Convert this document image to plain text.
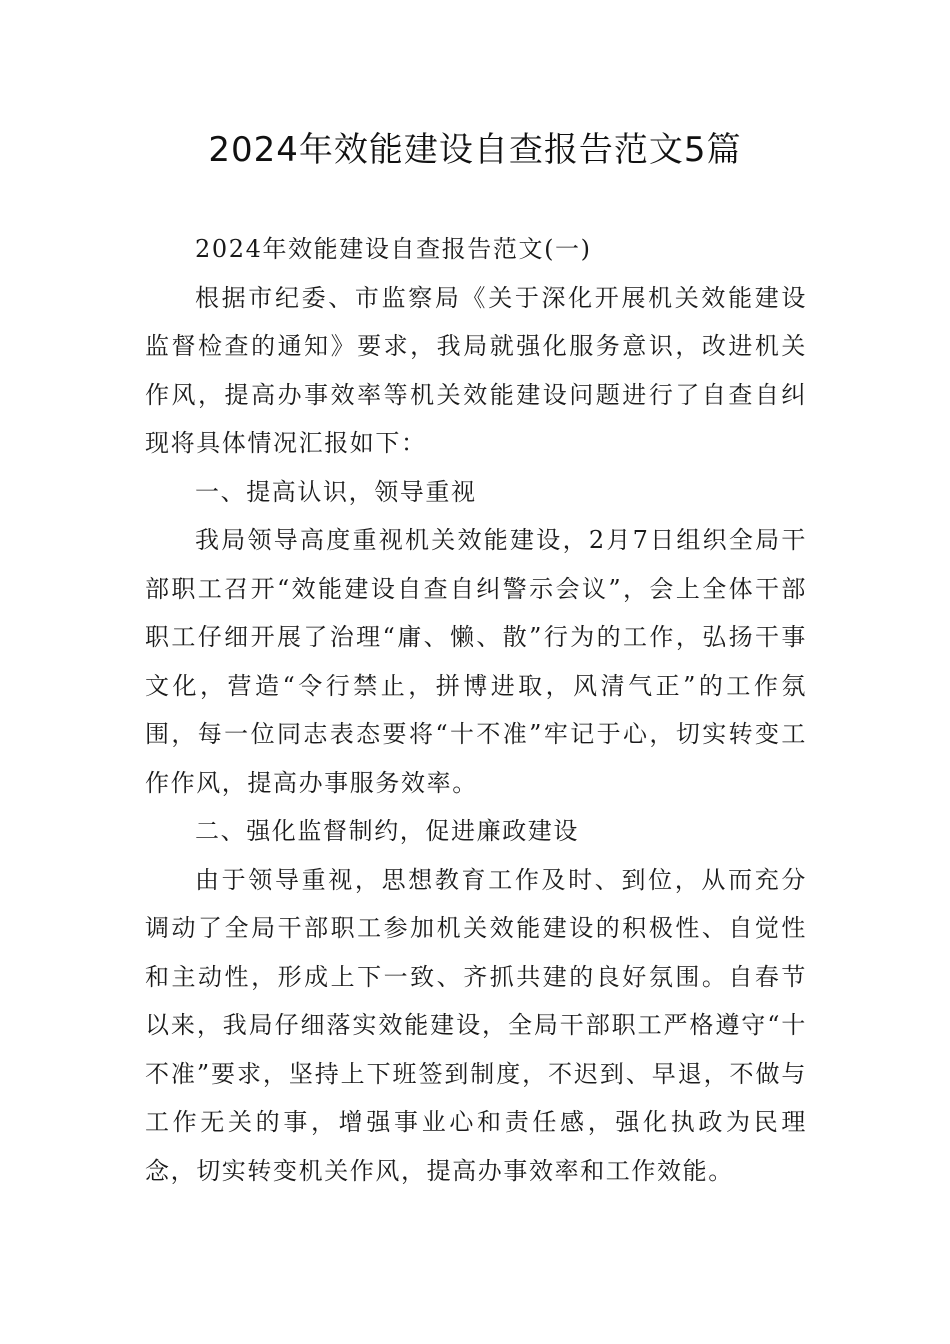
2024年效能建设自查报告范文5篇

2024年效能建设自查报告范文(一)

根据市纪委、市监察局《关于深化开展机关效能建设监督检查的通知》要求，我局就强化服务意识，改进机关作风，提高办事效率等机关效能建设问题进行了自查自纠现将具体情况汇报如下：

一、提高认识，领导重视

我局领导高度重视机关效能建设，2月7日组织全局干部职工召开“效能建设自查自纠警示会议”，会上全体干部职工仔细开展了治理“庸、懒、散”行为的工作，弘扬干事文化，营造“令行禁止，拼博进取，风清气正”的工作氛围，每一位同志表态要将“十不准”牢记于心，切实转变工作作风，提高办事服务效率。

二、强化监督制约，促进廉政建设

由于领导重视，思想教育工作及时、到位，从而充分调动了全局干部职工参加机关效能建设的积极性、自觉性和主动性，形成上下一致、齐抓共建的良好氛围。自春节以来，我局仔细落实效能建设，全局干部职工严格遵守“十不准”要求，坚持上下班签到制度，不迟到、早退，不做与工作无关的事，增强事业心和责任感，强化执政为民理念，切实转变机关作风，提高办事效率和工作效能。
